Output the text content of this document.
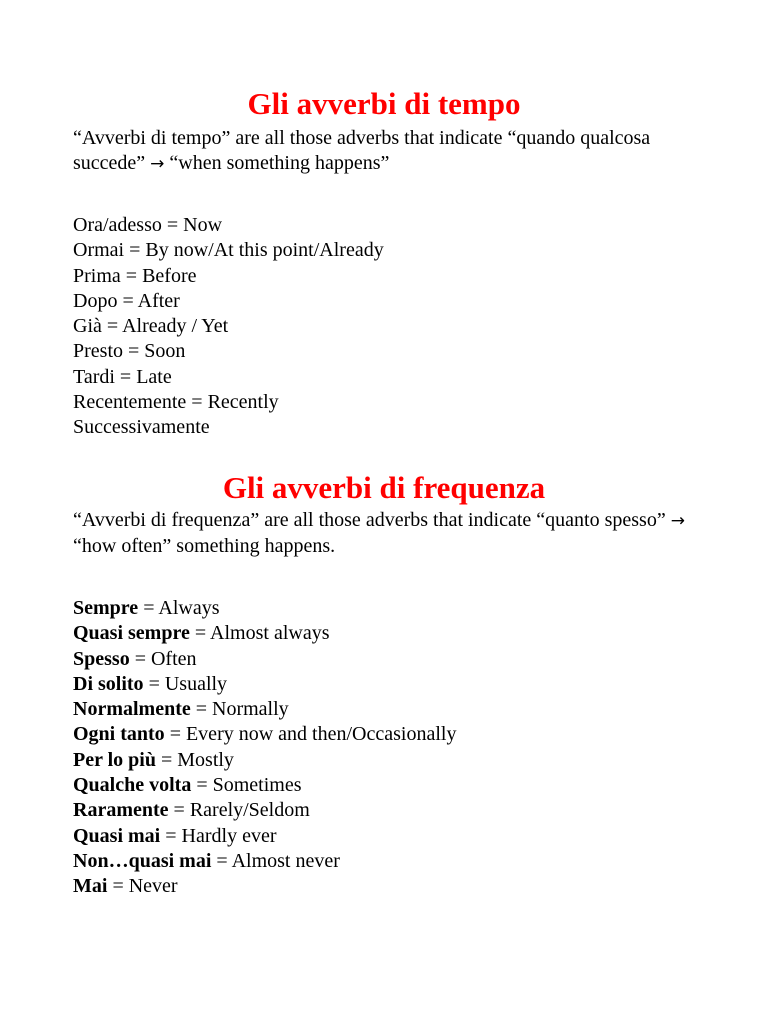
Gli avverbi di tempo
“Avverbi di tempo” are all those adverbs that indicate “quando qualcosa succede” → “when something happens”
Ora/adesso = Now
Ormai = By now/At this point/Already
Prima = Before
Dopo = After
Già = Already / Yet
Presto = Soon
Tardi = Late
Recentemente = Recently
Successivamente
Gli avverbi di frequenza
“Avverbi di frequenza” are all those adverbs that indicate “quanto spesso” → “how often” something happens.
Sempre = Always
Quasi sempre = Almost always
Spesso = Often
Di solito = Usually
Normalmente = Normally
Ogni tanto = Every now and then/Occasionally
Per lo più = Mostly
Qualche volta = Sometimes
Raramente = Rarely/Seldom
Quasi mai = Hardly ever
Non…quasi mai = Almost never
Mai = Never
